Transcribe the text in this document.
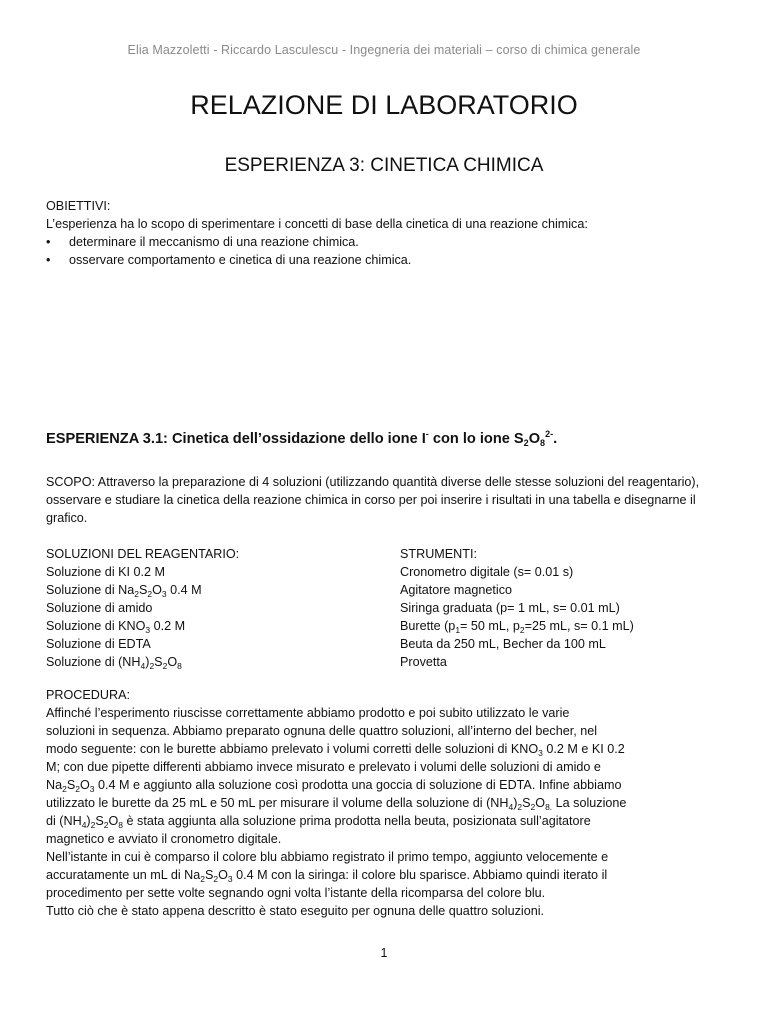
Elia Mazzoletti - Riccardo Lasculescu - Ingegneria dei materiali – corso di chimica generale
RELAZIONE DI LABORATORIO
ESPERIENZA 3: CINETICA CHIMICA
OBIETTIVI:
L’esperienza ha lo scopo di sperimentare i concetti di base della cinetica di una reazione chimica:
• determinare il meccanismo di una reazione chimica.
• osservare comportamento e cinetica di una reazione chimica.
ESPERIENZA 3.1: Cinetica dell’ossidazione dello ione I- con lo ione $S_2O_8^{2-}$.
SCOPO: Attraverso la preparazione di 4 soluzioni (utilizzando quantità diverse delle stesse soluzioni del reagentario), osservare e studiare la cinetica della reazione chimica in corso per poi inserire i risultati in una tabella e disegnarne il grafico.
SOLUZIONI DEL REAGENTARIO:
Soluzione di KI 0.2 M
Soluzione di $Na_2S_2O_3$ 0.4 M
Soluzione di amido
Soluzione di $KNO_3$ 0.2 M
Soluzione di EDTA
Soluzione di $(NH_4)_2S_2O_8$
STRUMENTI:
Cronometro digitale (s= 0.01 s)
Agitatore magnetico
Siringa graduata (p= 1 mL, s= 0.01 mL)
Burette ($p_1= 50$ mL, $p_2=25$ mL, s= 0.1 mL)
Beuta da 250 mL, Becher da 100 mL
Provetta
PROCEDURA:
Affinché l’esperimento riuscisse correttamente abbiamo prodotto e poi subito utilizzato le varie
soluzioni in sequenza. Abbiamo preparato ognuna delle quattro soluzioni, all’interno del becher, nel
modo seguente: con le burette abbiamo prelevato i volumi corretti delle soluzioni di $KNO_3$ 0.2 M e KI 0.2
M; con due pipette differenti abbiamo invece misurato e prelevato i volumi delle soluzioni di amido e
$Na_2S_2O_3$ 0.4 M e aggiunto alla soluzione così prodotta una goccia di soluzione di EDTA. Infine abbiamo
utilizzato le burette da 25 mL e 50 mL per misurare il volume della soluzione di $(NH_4)_2S_2O_{8.}$ La soluzione
di $(NH_4)_2S_2O_8$ è stata aggiunta alla soluzione prima prodotta nella beuta, posizionata sull’agitatore
magnetico e avviato il cronometro digitale.
Nell’istante in cui è comparso il colore blu abbiamo registrato il primo tempo, aggiunto velocemente e
accuratamente un mL di $Na_2S_2O_3$ 0.4 M con la siringa: il colore blu sparisce. Abbiamo quindi iterato il
procedimento per sette volte segnando ogni volta l’istante della ricomparsa del colore blu.
Tutto ciò che è stato appena descritto è stato eseguito per ognuna delle quattro soluzioni.
1
